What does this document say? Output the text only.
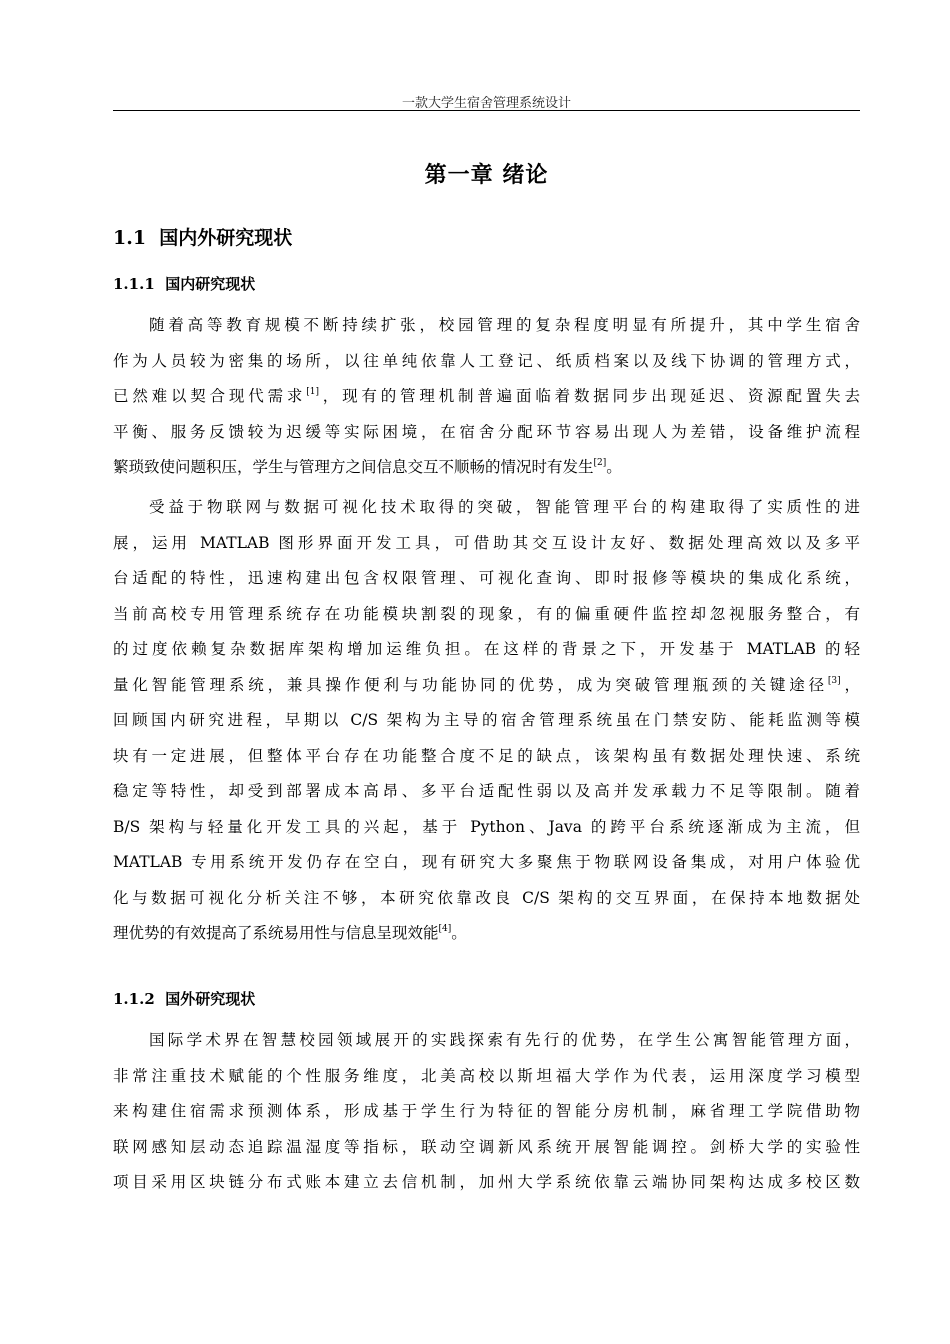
一款大学生宿舍管理系统设计
第一章 绪论
1.1 国内外研究现状
1.1.1 国内研究现状
随着高等教育规模不断持续扩张，校园管理的复杂程度明显有所提升，其中学生宿舍
作为人员较为密集的场所，以往单纯依靠人工登记、纸质档案以及线下协调的管理方式，
已然难以契合现代需求[1]，现有的管理机制普遍面临着数据同步出现延迟、资源配置失去
平衡、服务反馈较为迟缓等实际困境，在宿舍分配环节容易出现人为差错，设备维护流程
繁琐致使问题积压，学生与管理方之间信息交互不顺畅的情况时有发生[2]。
受益于物联网与数据可视化技术取得的突破，智能管理平台的构建取得了实质性的进
展，运用 MATLAB 图形界面开发工具，可借助其交互设计友好、数据处理高效以及多平
台适配的特性，迅速构建出包含权限管理、可视化查询、即时报修等模块的集成化系统，
当前高校专用管理系统存在功能模块割裂的现象，有的偏重硬件监控却忽视服务整合，有
的过度依赖复杂数据库架构增加运维负担。在这样的背景之下，开发基于 MATLAB 的轻
量化智能管理系统，兼具操作便利与功能协同的优势，成为突破管理瓶颈的关键途径[3]，
回顾国内研究进程，早期以 C/S 架构为主导的宿舍管理系统虽在门禁安防、能耗监测等模
块有一定进展，但整体平台存在功能整合度不足的缺点，该架构虽有数据处理快速、系统
稳定等特性，却受到部署成本高昂、多平台适配性弱以及高并发承载力不足等限制。随着
B/S 架构与轻量化开发工具的兴起，基于 Python、Java 的跨平台系统逐渐成为主流，但
MATLAB 专用系统开发仍存在空白，现有研究大多聚焦于物联网设备集成，对用户体验优
化与数据可视化分析关注不够，本研究依靠改良 C/S 架构的交互界面，在保持本地数据处
理优势的有效提高了系统易用性与信息呈现效能[4]。
1.1.2 国外研究现状
国际学术界在智慧校园领域展开的实践探索有先行的优势，在学生公寓智能管理方面，
非常注重技术赋能的个性服务维度，北美高校以斯坦福大学作为代表，运用深度学习模型
来构建住宿需求预测体系，形成基于学生行为特征的智能分房机制，麻省理工学院借助物
联网感知层动态追踪温湿度等指标，联动空调新风系统开展智能调控。剑桥大学的实验性
项目采用区块链分布式账本建立去信机制，加州大学系统依靠云端协同架构达成多校区数
